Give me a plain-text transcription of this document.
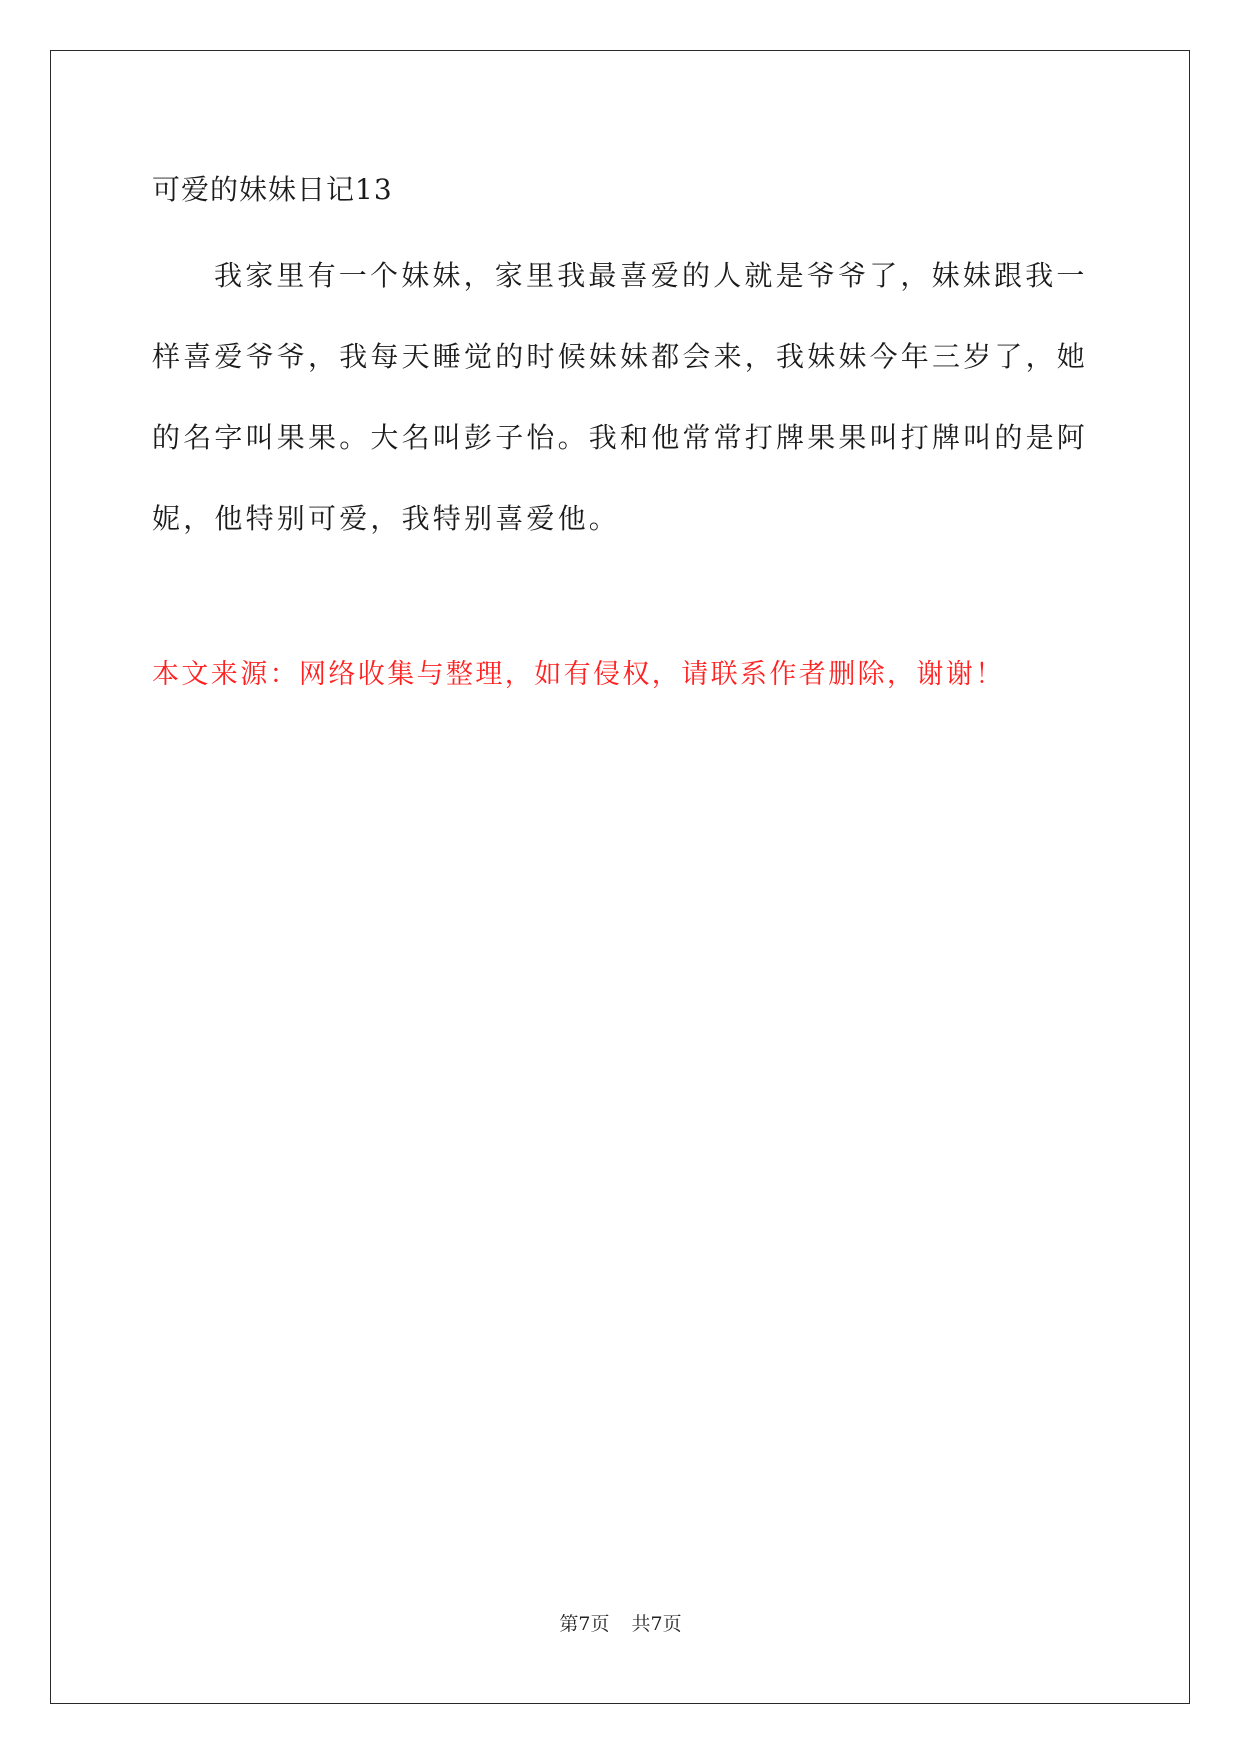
可爱的妹妹日记13
我家里有一个妹妹，家里我最喜爱的人就是爷爷了，妹妹跟我一
样喜爱爷爷，我每天睡觉的时候妹妹都会来，我妹妹今年三岁了，她
的名字叫果果。大名叫彭子怡。我和他常常打牌果果叫打牌叫的是阿
妮，他特别可爱，我特别喜爱他。
本文来源：网络收集与整理，如有侵权，请联系作者删除，谢谢！
第7页 共7页
